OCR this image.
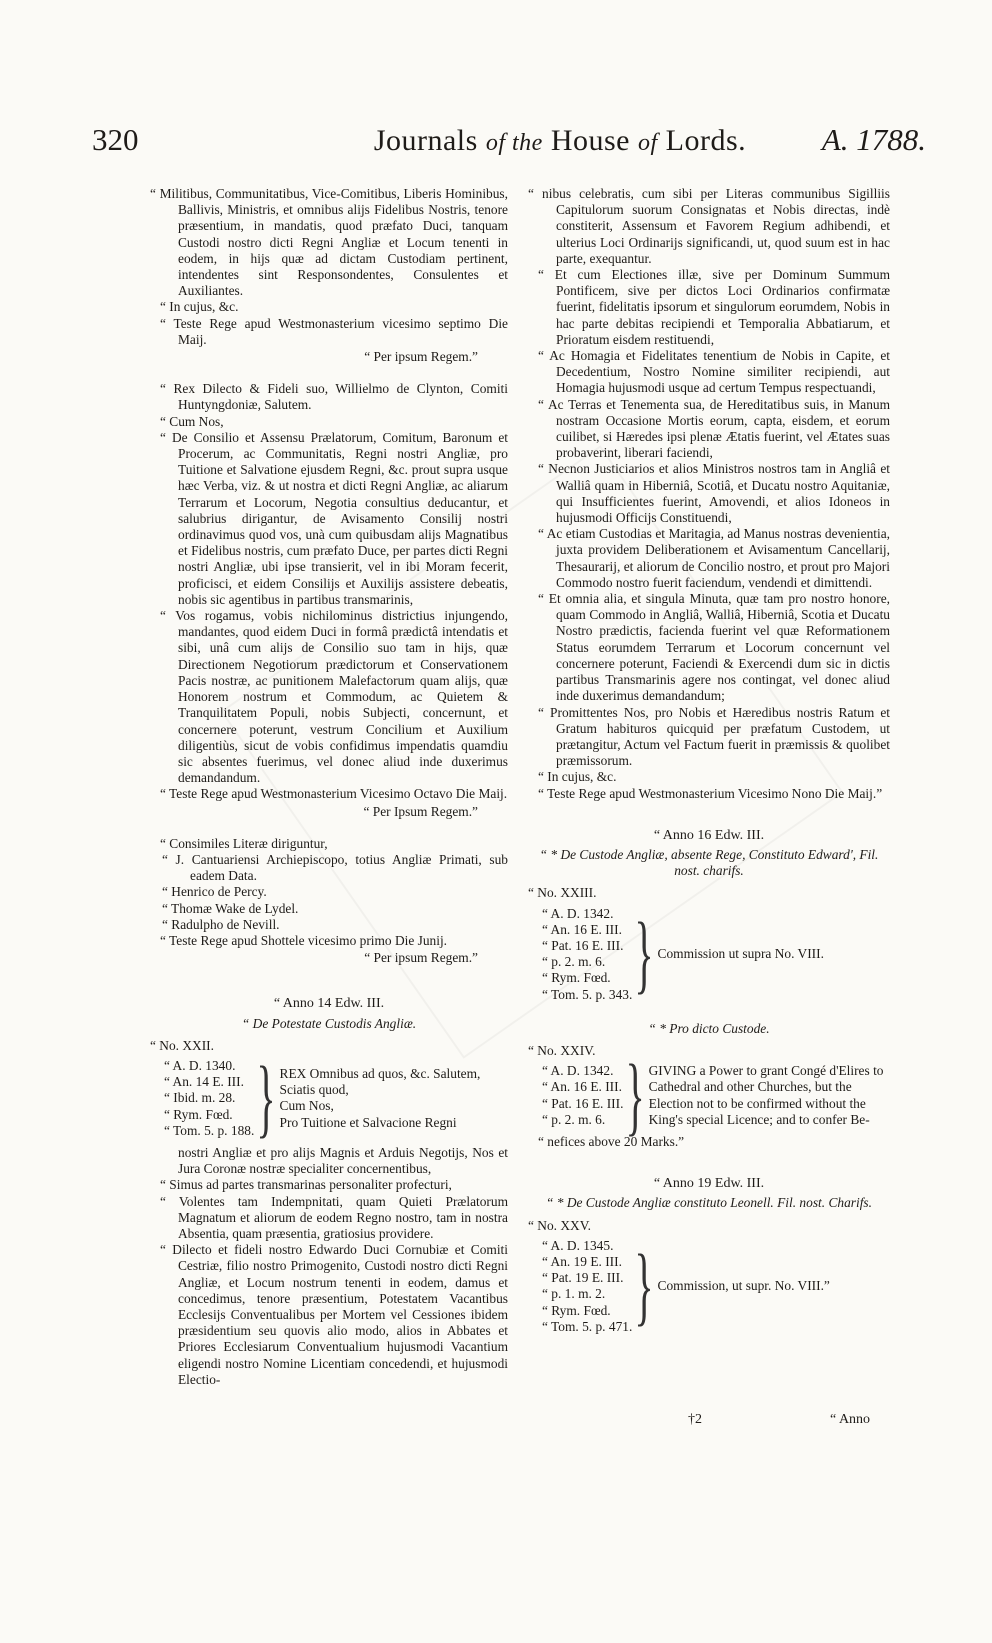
320	Journals of the House of Lords.	A. 1788.

“ Militibus, Communitatibus, Vice-Comitibus, Liberis Hominibus, Ballivis, Ministris, et omnibus alijs Fidelibus Nostris, tenore præsentium, in mandatis, quod præfato Duci, tanquam Custodi nostro dicti Regni Angliæ et Locum tenenti in eodem, in hijs quæ ad dictam Custodiam pertinent, intendentes sint Responsondentes, Consulentes et Auxiliantes.

“ In cujus, &c.

“ Teste Rege apud Westmonasterium vicesimo septimo Die Maij.

“ Per ipsum Regem.”

“ Rex Dilecto & Fideli suo, Willielmo de Clynton, Comiti Huntyngdoniæ, Salutem.

“ Cum Nos,

“ De Consilio et Assensu Prælatorum, Comitum, Baronum et Procerum, ac Communitatis, Regni nostri Angliæ, pro Tuitione et Salvatione ejusdem Regni, &c. prout supra usque hæc Verba, viz. & ut nostra et dicti Regni Angliæ, ac aliarum Terrarum et Locorum, Negotia consultius deducantur, et salubrius dirigantur, de Avisamento Consilij nostri ordinavimus quod vos, unà cum quibusdam alijs Magnatibus et Fidelibus nostris, cum præfato Duce, per partes dicti Regni nostri Angliæ, ubi ipse transierit, vel in ibi Moram fecerit, proficisci, et eidem Consilijs et Auxilijs assistere debeatis, nobis sic agentibus in partibus transmarinis,

“ Vos rogamus, vobis nichilominus districtius injungendo, mandantes, quod eidem Duci in formâ prædictâ intendatis et sibi, unâ cum alijs de Consilio suo tam in hijs, quæ Directionem Negotiorum prædictorum et Conservationem Pacis nostræ, ac punitionem Malefactorum quam alijs, quæ Honorem nostrum et Commodum, ac Quietem & Tranquilitatem Populi, nobis Subjecti, concernunt, et concernere poterunt, vestrum Concilium et Auxilium diligentiùs, sicut de vobis confidimus impendatis quamdiu sic absentes fuerimus, vel donec aliud inde duxerimus demandandum.

“ Teste Rege apud Westmonasterium Vicesimo Octavo Die Maij.

“ Per Ipsum Regem.”

“ Consimiles Literæ diriguntur,

“ J. Cantuariensi Archiepiscopo, totius Angliæ Primati, sub eadem Data.

“ Henrico de Percy.

“ Thomæ Wake de Lydel.

“ Radulpho de Nevill.

“ Teste Rege apud Shottele vicesimo primo Die Junij.

“ Per ipsum Regem.”

“ Anno 14 Edw. III.

“ De Potestate Custodis Angliæ.

“ No. XXII.

“ A. D. 1340.
“ An. 14 E. III.
“ Ibid. m. 28.
“ Rym. Fœd.
“ Tom. 5. p. 188. } REX Omnibus ad quos, &c. Salutem,
Sciatis quod,
Cum Nos,
Pro Tuitione et Salvacione Regni

nostri Angliæ et pro alijs Magnis et Arduis Negotijs, Nos et Jura Coronæ nostræ specialiter concernentibus,

“ Simus ad partes transmarinas personaliter profecturi,

“ Volentes tam Indempnitati, quam Quieti Prælatorum Magnatum et aliorum de eodem Regno nostro, tam in nostra Absentia, quam præsentia, gratiosius providere.

“ Dilecto et fideli nostro Edwardo Duci Cornubiæ et Comiti Cestriæ, filio nostro Primogenito, Custodi nostro dicti Regni Angliæ, et Locum nostrum tenenti in eodem, damus et concedimus, tenore præsentium, Potestatem Vacantibus Ecclesijs Conventualibus per Mortem vel Cessiones ibidem præsidentium seu quovis alio modo, alios in Abbates et Priores Ecclesiarum Conventualium hujusmodi Vacantium eligendi nostro Nomine Licentiam concedendi, et hujusmodi Electio-

“ nibus celebratis, cum sibi per Literas communibus Sigilliis Capitulorum suorum Consignatas et Nobis directas, indè constiterit, Assensum et Favorem Regium adhibendi, et ulterius Loci Ordinarijs significandi, ut, quod suum est in hac parte, exequantur.

“ Et cum Electiones illæ, sive per Dominum Summum Pontificem, sive per dictos Loci Ordinarios confirmatæ fuerint, fidelitatis ipsorum et singulorum eorumdem, Nobis in hac parte debitas recipiendi et Temporalia Abbatiarum, et Prioratum eisdem restituendi,

“ Ac Homagia et Fidelitates tenentium de Nobis in Capite, et Decedentium, Nostro Nomine similiter recipiendi, aut Homagia hujusmodi usque ad certum Tempus respectuandi,

“ Ac Terras et Tenementa sua, de Hereditatibus suis, in Manum nostram Occasione Mortis eorum, capta, eisdem, et eorum cuilibet, si Hæredes ipsi plenæ Ætatis fuerint, vel Ætates suas probaverint, liberari faciendi,

“ Necnon Justiciarios et alios Ministros nostros tam in Angliâ et Walliâ quam in Hiberniâ, Scotiâ, et Ducatu nostro Aquitaniæ, qui Insufficientes fuerint, Amovendi, et alios Idoneos in hujusmodi Officijs Constituendi,

“ Ac etiam Custodias et Maritagia, ad Manus nostras devenientia, juxta providem Deliberationem et Avisamentum Cancellarij, Thesaurarij, et aliorum de Concilio nostro, et prout pro Majori Commodo nostro fuerit faciendum, vendendi et dimittendi.

“ Et omnia alia, et singula Minuta, quæ tam pro nostro honore, quam Commodo in Angliâ, Walliâ, Hiberniâ, Scotia et Ducatu Nostro prædictis, facienda fuerint vel quæ Reformationem Status eorumdem Terrarum et Locorum concernunt vel concernere poterunt, Faciendi & Exercendi dum sic in dictis partibus Transmarinis agere nos contingat, vel donec aliud inde duxerimus demandandum;

“ Promittentes Nos, pro Nobis et Hæredibus nostris Ratum et Gratum habituros quicquid per præfatum Custodem, ut prætangitur, Actum vel Factum fuerit in præmissis & quolibet præmissorum.

“ In cujus, &c.

“ Teste Rege apud Westmonasterium Vicesimo Nono Die Maij.”

“ Anno 16 Edw. III.

“ * De Custode Angliæ, absente Rege, Constituto Edward', Fil. nost. charifs.

“ No. XXIII.

“ A. D. 1342.
“ An. 16 E. III.
“ Pat. 16 E. III.
“ p. 2. m. 6.
“ Rym. Fœd.
“ Tom. 5. p. 343. } Commission ut supra No. VIII.

“ * Pro dicto Custode.

“ No. XXIV.

“ A. D. 1342.
“ An. 16 E. III.
“ Pat. 16 E. III.
“ p. 2. m. 6. } GIVING a Power to grant Congé d'Elires to Cathedral and other Churches, but the Election not to be confirmed without the King's special Licence; and to confer Be-

“ nefices above 20 Marks.”

“ Anno 19 Edw. III.

“ * De Custode Angliæ constituto Leonell. Fil. nost. Charifs.

“ No. XXV.

“ A. D. 1345.
“ An. 19 E. III.
“ Pat. 19 E. III.
“ p. 1. m. 2.
“ Rym. Fœd.
“ Tom. 5. p. 471. } Commission, ut supr. No. VIII.”
†2	“ Anno
